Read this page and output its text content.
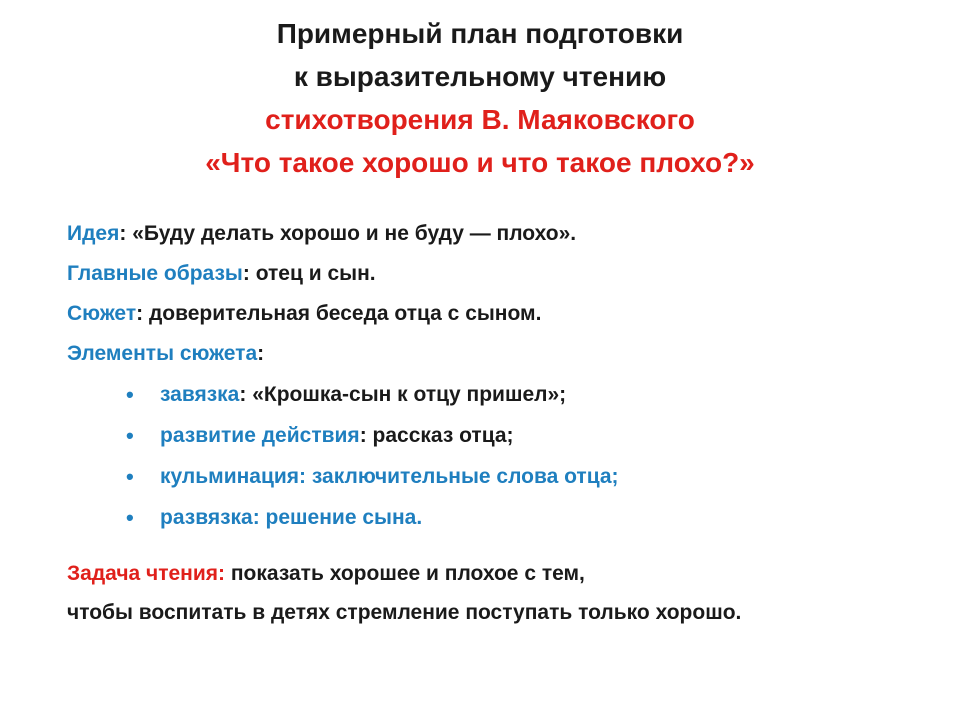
Примерный план подготовки
к выразительному чтению
стихотворения В. Маяковского
«Что такое хорошо и что такое плохо?»
Идея: «Буду делать хорошо и не буду — плохо».
Главные образы: отец и сын.
Сюжет: доверительная беседа отца с сыном.
Элементы сюжета:
• завязка: «Крошка-сын к отцу пришел»;
• развитие действия: рассказ отца;
• кульминация: заключительные слова отца;
• развязка: решение сына.
Задача чтения: показать хорошее и плохое с тем,
чтобы воспитать в детях стремление поступать только хорошо.
